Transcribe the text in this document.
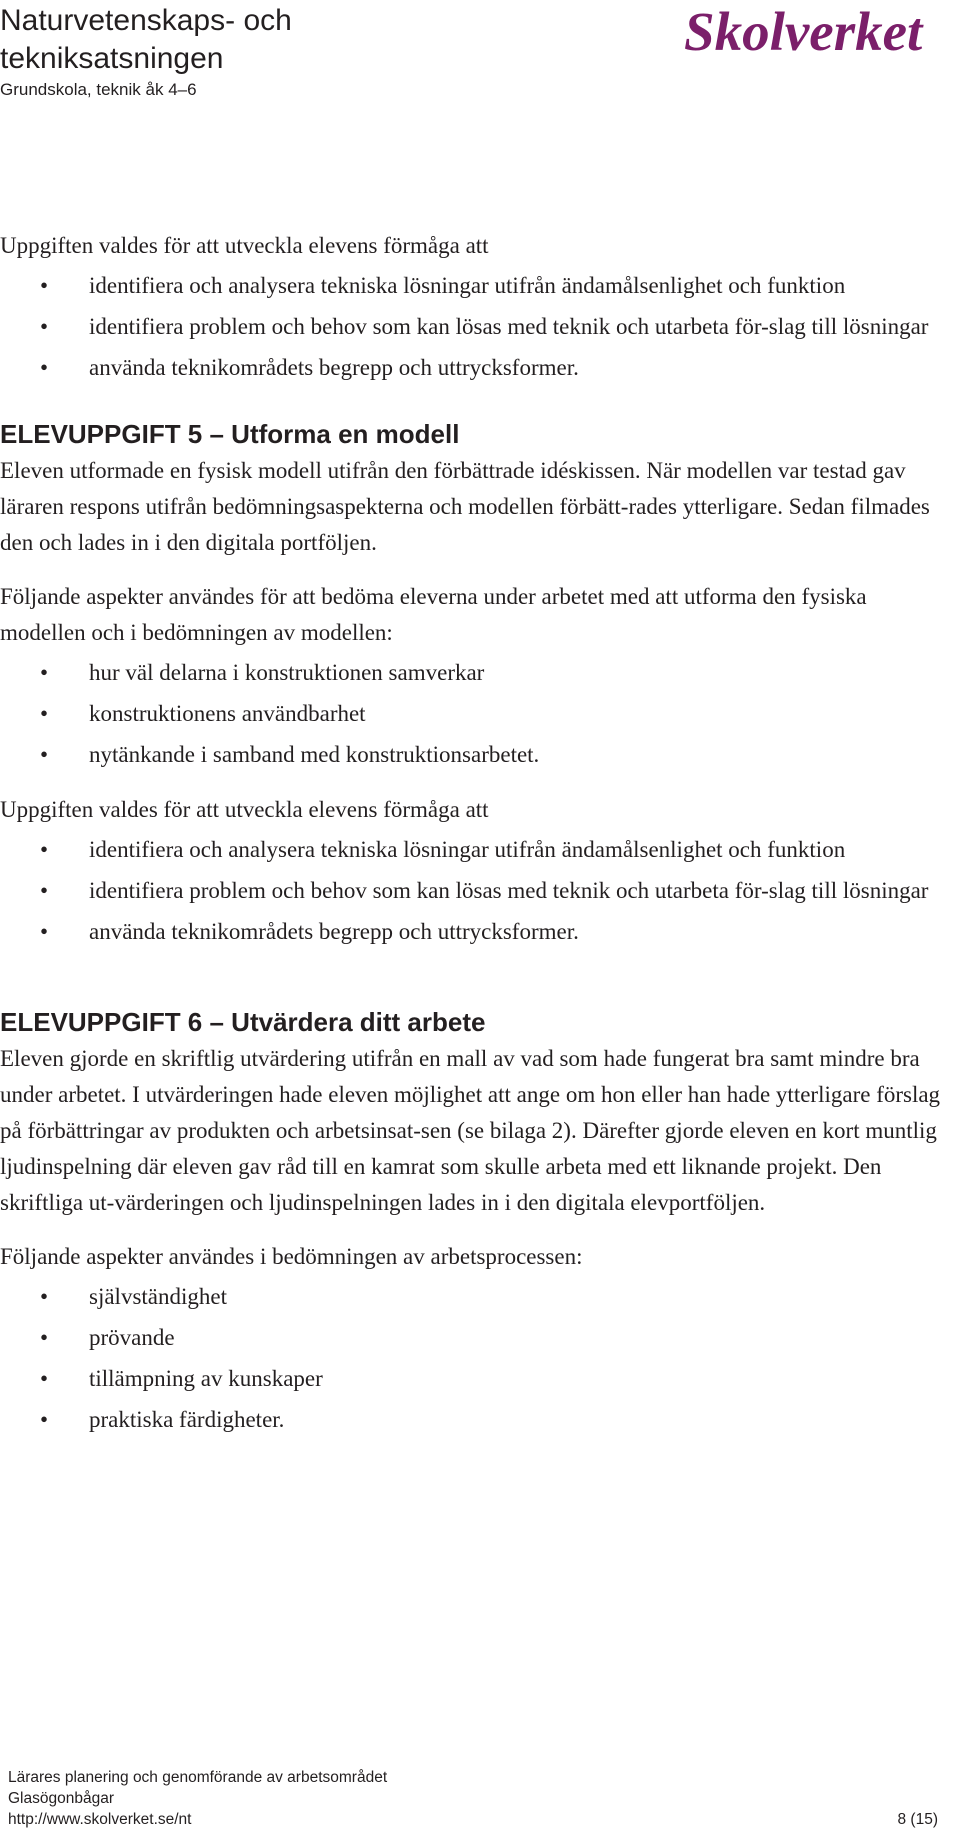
Naturvetenskaps- och
tekniksatsningen
Grundskola, teknik åk 4–6
Skolverket

Uppgiften valdes för att utveckla elevens förmåga att

• identifiera och analysera tekniska lösningar utifrån ändamålsenlighet och funktion
• identifiera problem och behov som kan lösas med teknik och utarbeta för-slag till lösningar
• använda teknikområdets begrepp och uttrycksformer.
ELEVUPPGIFT 5 – Utforma en modell

Eleven utformade en fysisk modell utifrån den förbättrade idéskissen. När modellen var testad gav läraren respons utifrån bedömningsaspekterna och modellen förbätt-rades ytterligare. Sedan filmades den och lades in i den digitala portföljen.

Följande aspekter användes för att bedöma eleverna under arbetet med att utforma den fysiska modellen och i bedömningen av modellen:

• hur väl delarna i konstruktionen samverkar
• konstruktionens användbarhet
• nytänkande i samband med konstruktionsarbetet.

Uppgiften valdes för att utveckla elevens förmåga att

• identifiera och analysera tekniska lösningar utifrån ändamålsenlighet och funktion
• identifiera problem och behov som kan lösas med teknik och utarbeta för-slag till lösningar
• använda teknikområdets begrepp och uttrycksformer.
ELEVUPPGIFT 6 – Utvärdera ditt arbete

Eleven gjorde en skriftlig utvärdering utifrån en mall av vad som hade fungerat bra samt mindre bra under arbetet. I utvärderingen hade eleven möjlighet att ange om hon eller han hade ytterligare förslag på förbättringar av produkten och arbetsinsat-sen (se bilaga 2). Därefter gjorde eleven en kort muntlig ljudinspelning där eleven gav råd till en kamrat som skulle arbeta med ett liknande projekt. Den skriftliga ut-värderingen och ljudinspelningen lades in i den digitala elevportföljen.

Följande aspekter användes i bedömningen av arbetsprocessen:

• självständighet
• prövande
• tillämpning av kunskaper
• praktiska färdigheter.
Lärares planering och genomförande av arbetsområdet
Glasögonbågar
http://www.skolverket.se/nt	8 (15)
